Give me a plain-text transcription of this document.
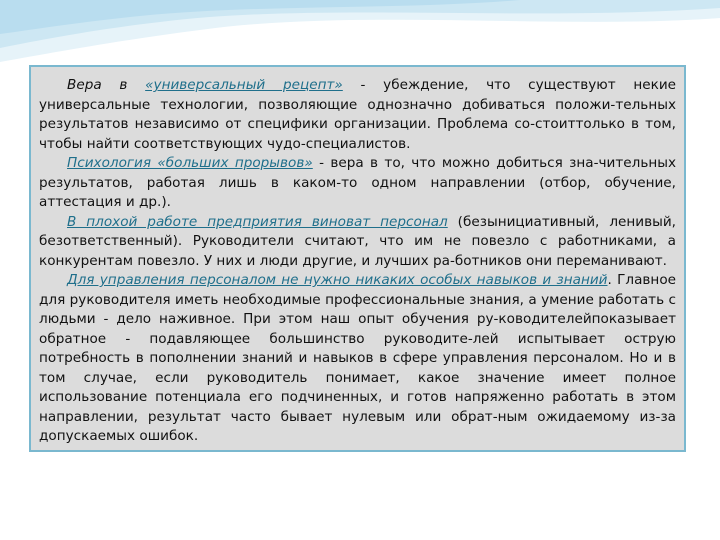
Вера в «универсальный рецепт» - убеждение, что существуют некие универсальные технологии, позволяющие однозначно добиваться положи-тельных результатов независимо от специфики организации. Проблема со-стоиттолько в том, чтобы найти соответствующих чудо-специалистов.

Психология «больших прорывов» - вера в то, что можно добиться зна-чительных результатов, работая лишь в каком-то одном направлении (отбор, обучение, аттестация и др.).

В плохой работе предприятия виноват персонал (безынициативный, ленивый, безответственный). Руководители считают, что им не повезло с работниками, а конкурентам повезло. У них и люди другие, и лучших ра-ботников они переманивают.

Для управления персоналом не нужно никаких особых навыков и знаний. Главное для руководителя иметь необходимые профессиональные знания, а умение работать с людьми - дело наживное. При этом наш опыт обучения ру-ководителейпоказывает обратное - подавляющее большинство руководите-лей испытывает острую потребность в пополнении знаний и навыков в сфере управления персоналом. Но и в том случае, если руководитель понимает, какое значение имеет полное использование потенциала его подчиненных, и готов напряженно работать в этом направлении, результат часто бывает нулевым или обрат-ным ожидаемому из-за допускаемых ошибок.
